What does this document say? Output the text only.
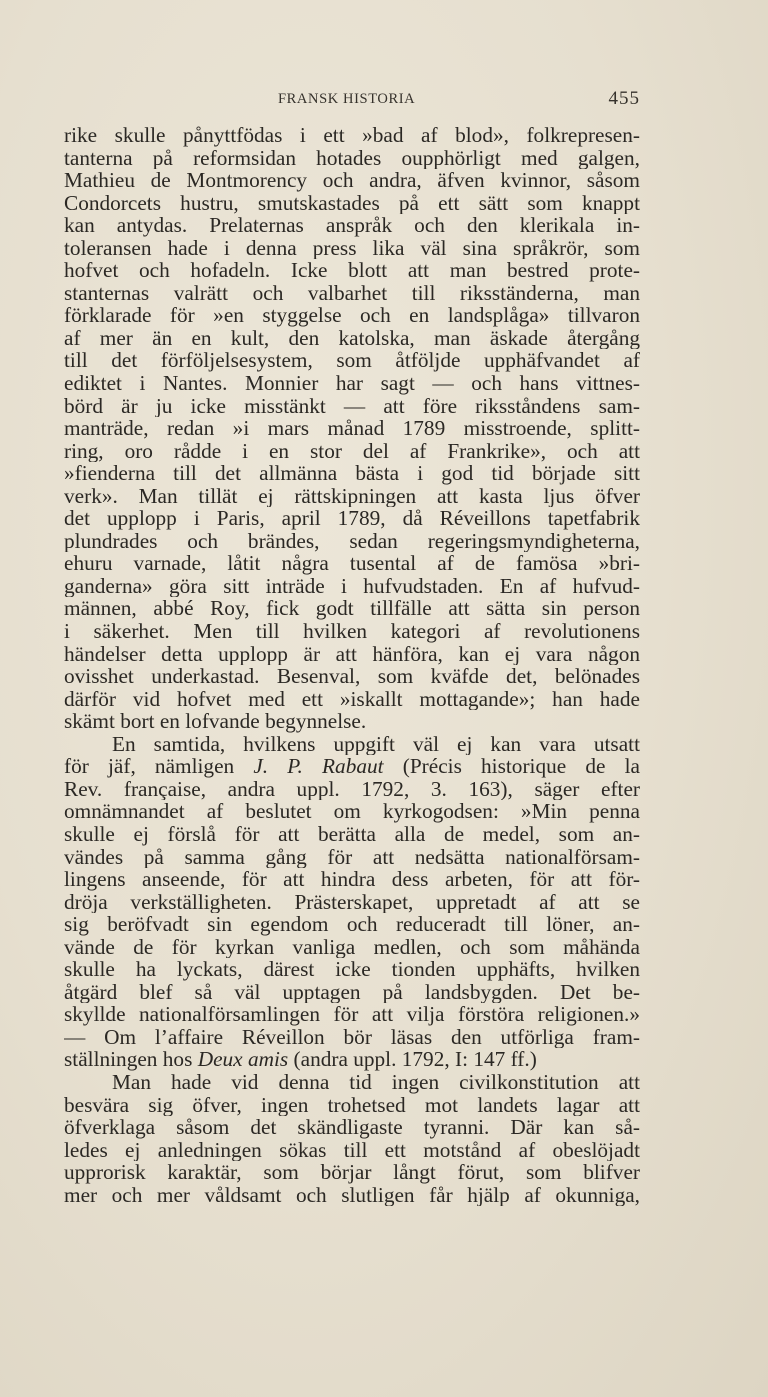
FRANSK HISTORIA	455
rike skulle pånyttfödas i ett »bad af blod», folkrepresen-
tanterna på reformsidan hotades oupphörligt med galgen,
Mathieu de Montmorency och andra, äfven kvinnor, såsom
Condorcets hustru, smutskastades på ett sätt som knappt
kan antydas. Prelaternas anspråk och den klerikala in-
toleransen hade i denna press lika väl sina språkrör, som
hofvet och hofadeln. Icke blott att man bestred prote-
stanternas valrätt och valbarhet till riksständerna, man
förklarade för »en styggelse och en landsplåga» tillvaron
af mer än en kult, den katolska, man äskade återgång
till det förföljelsesystem, som åtföljde upphäfvandet af
ediktet i Nantes. Monnier har sagt — och hans vittnes-
börd är ju icke misstänkt — att före riksståndens sam-
manträde, redan »i mars månad 1789 misstroende, splitt-
ring, oro rådde i en stor del af Frankrike», och att
»fienderna till det allmänna bästa i god tid började sitt
verk». Man tillät ej rättskipningen att kasta ljus öfver
det upplopp i Paris, april 1789, då Réveillons tapetfabrik
plundrades och brändes, sedan regeringsmyndigheterna,
ehuru varnade, låtit några tusental af de famösa »bri-
ganderna» göra sitt inträde i hufvudstaden. En af hufvud-
männen, abbé Roy, fick godt tillfälle att sätta sin person
i säkerhet. Men till hvilken kategori af revolutionens
händelser detta upplopp är att hänföra, kan ej vara någon
ovisshet underkastad. Besenval, som kväfde det, belönades
därför vid hofvet med ett »iskallt mottagande»; han hade
skämt bort en lofvande begynnelse.
En samtida, hvilkens uppgift väl ej kan vara utsatt
för jäf, nämligen J. P. Rabaut (Précis historique de la
Rev. française, andra uppl. 1792, 3. 163), säger efter
omnämnandet af beslutet om kyrkogodsen: »Min penna
skulle ej förslå för att berätta alla de medel, som an-
vändes på samma gång för att nedsätta nationalförsam-
lingens anseende, för att hindra dess arbeten, för att för-
dröja verkställigheten. Prästerskapet, uppretadt af att se
sig beröfvadt sin egendom och reduceradt till löner, an-
vände de för kyrkan vanliga medlen, och som måhända
skulle ha lyckats, därest icke tionden upphäfts, hvilken
åtgärd blef så väl upptagen på landsbygden. Det be-
skyllde nationalförsamlingen för att vilja förstöra religionen.»
— Om l’affaire Réveillon bör läsas den utförliga fram-
ställningen hos Deux amis (andra uppl. 1792, I: 147 ff.)
Man hade vid denna tid ingen civilkonstitution att
besvära sig öfver, ingen trohetsed mot landets lagar att
öfverklaga såsom det skändligaste tyranni. Där kan så-
ledes ej anledningen sökas till ett motstånd af obeslöjadt
upprorisk karaktär, som börjar långt förut, som blifver
mer och mer våldsamt och slutligen får hjälp af okunniga,
